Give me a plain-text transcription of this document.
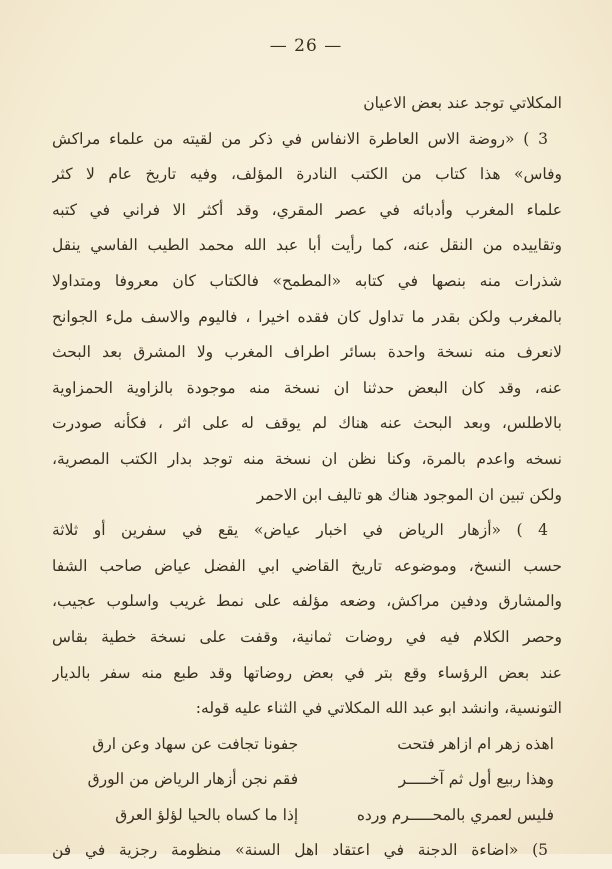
— 26 —
المكلاتي توجد عند بعض الاعيان
3 ) «روضة الاس العاطرة الانفاس في ذكر من لقيته من علماء مراكش
وفاس» هذا كتاب من الكتب النادرة المؤلف، وفيه تاريخ عام لا كثر
علماء المغرب وأدبائه في عصر المقري، وقد أكثر الا فراني في كتبه
وتقاييده من النقل عنه، كما رأيت أبا عبد الله محمد الطيب الفاسي ينقل
شذرات منه بنصها في كتابه «المطمح» فالكتاب كان معروفا ومتداولا
بالمغرب ولكن بقدر ما تداول كان فقده اخيرا ، فاليوم والاسف ملء الجوانح
لانعرف منه نسخة واحدة بسائر اطراف المغرب ولا المشرق بعد البحث
عنه، وقد كان البعض حدثنا ان نسخة منه موجودة بالزاوية الحمزاوية
بالاطلس، وبعد البحث عنه هناك لم يوقف له على اثر ، فكأنه صودرت
نسخه واعدم بالمرة، وكنا نظن ان نسخة منه توجد بدار الكتب المصرية،
ولكن تبين ان الموجود هناك هو تاليف ابن الاحمر
4 ) «أزهار الرياض في اخبار عياض» يقع في سفرين أو ثلاثة
حسب النسخ، وموضوعه تاريخ القاضي ابي الفضل عياض صاحب الشفا
والمشارق ودفين مراكش، وضعه مؤلفه على نمط غريب واسلوب عجيب،
وحصر الكلام فيه في روضات ثمانية، وقفت على نسخة خطية بقاس
عند بعض الرؤساء وقع بتر في بعض روضاتها وقد طبع منه سفر بالديار
التونسية، وانشد ابو عبد الله المكلاتي في الثناء عليه قوله:
اهذه زهر ام ازاهر فتحت
جفونا تجافت عن سهاد وعن ارق
وهذا ربيع أول ثم آخـــــر
فقم نجن أزهار الرياض من الورق
فليس لعمري بالمحـــــرم ورده
إذا ما كساه بالحيا لؤلؤ العرق
5) «اضاءة الدجنة في اعتقاد اهل السنة» منظومة رجزية في فن
